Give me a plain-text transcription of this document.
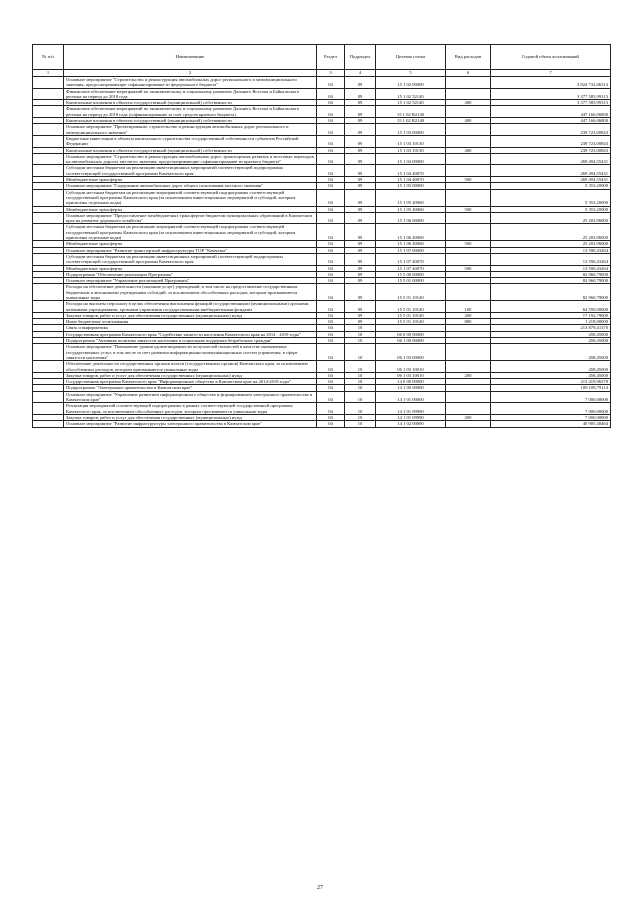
№ п/п	Наименование	Раздел	Подраздел	Целевая статья	Вид расходов	Годовой объем ассигнований
1	2	3	4	5	6	7
	Основное мероприятие "Строительство и реконструкция автомобильных дорог регионального и межмуниципального значения, предусматривающие софинансирование из федерального бюджета"	04	09	15 1 02 00000		3 824 732,06313
	Финансовое обеспечение мероприятий по экономическому и социальному развитию Дальнего Востока и Байкальского региона на период до 2018 года	04	09	15 1 02 52140		3 377 585,99313
	Капитальные вложения в объекты государственной (муниципальной) собственности	04	09	15 1 02 52140	400	3 377 585,99313
	Финансовое обеспечение мероприятий по экономическому и социальному развитию Дальнего Востока и Байкальского региона на период до 2018 года (софинансирование за счет средств краевого бюджета)	04	09	15 1 02 R2140		447 166,06800
	Капитальные вложения в объекты государственной (муниципальной) собственности	04	09	15 1 02 R2140	400	447 166,06800
	Основное мероприятие "Проектирование, строительство и реконструкция автомобильных дорог регионального и межмуниципального значения"	04	09	15 1 03 00000		239 723,00843
	Бюджетные инвестиции в объекты капитального строительства государственной собственности субъектов Российской Федерации	04	09	15 1 03 10130		239 723,00843
	Капитальные вложения в объекты государственной (муниципальной) собственности	04	09	15 1 03 10130	400	239 723,00843
	Основное мероприятие "Строительство и реконструкция автомобильных дорог, транспортных развязок и мостовых переходов на автомобильных дорогах местного значения, предусматривающие софинансирование из краевого бюджета"	04	09	15 1 04 00000		269 494,55431
	Субсидии местным бюджетам на реализацию инвестиционных мероприятий соответствующей подпрограммы соответствующей государственной программы Камчатского края	04	09	15 1 04 40070		269 494,55431
	Межбюджетные трансферты	04	09	15 1 04 40070	500	269 494,55431
	Основное мероприятие "Содержание автомобильных дорог общего пользования местного значения"	04	09	15 1 05 00000		5 353,20000
	Субсидии местным бюджетам на реализацию мероприятий соответствующей подпрограммы соответствующей государственной программы Камчатского края (за исключением инвестиционных мероприятий и субсидий, которым присвоены отдельные коды)	04	09	15 1 05 40060		5 353,20000
	Межбюджетные трансферты	04	09	15 1 05 40060	500	5 353,20000
	Основное мероприятие "Предоставление межбюджетных трансфертов бюджетам муниципальных образований в Камчатском крае на развитие дорожного хозяйства"	04	09	15 1 06 00000		25 203,96000
	Субсидии местным бюджетам на реализацию мероприятий соответствующей подпрограммы соответствующей государственной программы Камчатского края (за исключением инвестиционных мероприятий и субсидий, которым присвоены отдельные коды)	04	09	15 1 06 40060		25 203,96000
	Межбюджетные трансферты	04	09	15 1 06 40060	500	25 203,96000
	Основное мероприятие "Развитие транспортной инфраструктуры ТОР "Камчатка"	04	09	15 1 07 00000		13 590,43264
	Субсидии местным бюджетам на реализацию инвестиционных мероприятий соответствующей подпрограммы соответствующей государственной программы Камчатского края	04	09	15 1 07 40070		13 590,43264
	Межбюджетные трансферты	04	09	15 1 07 40070	500	13 590,43264
	Подпрограмма "Обеспечение реализации Программы"	04	09	15 5 00 00000		82 960,79000
	Основное мероприятие "Управление реализацией Программы"	04	09	15 5 01 00000		82 960,79000
	Расходы на обеспечение деятельности (оказание услуг) учреждений, в том числе на предоставление государственным бюджетным и автономным учреждениям субсидий, за исключением обособленных расходов, которым присваиваются уникальные коды	04	09	15 5 01 10140		82 960,79000
	Расходы на выплаты персоналу в целях обеспечения выполнения функций государственными (муниципальными) органами, казенными учреждениями, органами управления государственными внебюджетными фондами	04	09	15 5 01 10140	100	64 550,00000
	Закупка товаров, работ и услуг для обеспечения государственных (муниципальных) нужд	04	09	15 5 01 10140	200	17 192,79000
	Иные бюджетные ассигнования	04	09	15 5 01 10140	800	1 218,00000
	Связь и информатика	04	10			213 879,41370
	Государственная программа Камчатского края "Содействие занятости населения Камчатского края на 2014 - 2019 годы"	04	10	06 0 00 00000		458,45000
	Подпрограмма "Активная политика занятости населения и социальная поддержка безработных граждан"	04	10	06 1 00 00000		458,45000
	Основное мероприятие "Повышение уровня удовлетворенности получателей полностей в качестве оказываемых государственных услуг, в том числе за счет развития информационно-коммуникационных систем управления, в сфере занятости населения"	04	10	06 1 03 00000		458,45000
	Обеспечение деятельности государственных органов власти (государственных органов) Камчатского края, за исключением обособленных расходов, которым присваиваются уникальные коды	04	10	06 1 03 10010		458,45000
	Закупка товаров, работ и услуг для обеспечения государственных (муниципальных) нужд	04	10	06 1 03 10010	200	458,45000
	Государственная программа Камчатского края "Информационное общество в Камчатском крае на 2014-2018 годы"	04	10	14 0 00 00000		213 419,96370
	Подпрограмма "Электронное правительство в Камчатском крае"	04	10	14 1 00 00000		108 108,79114
	Основное мероприятие "Управление развитием информационного общества и формированием электронного правительства в Камчатском крае"	04	10	14 1 01 00000		7 000,00000
	Реализация мероприятий соответствующей подпрограммы в рамках соответствующей государственной программы Камчатского края, за исключением обособленных расходов, которым присваиваются уникальные коды	04	10	14 1 01 09990		7 000,00000
	Закупка товаров, работ и услуг для обеспечения государственных (муниципальных) нужд	04	10	14 1 01 09990	200	7 000,00000
	Основное мероприятие "Развитие инфраструктуры электронного правительства в Камчатском крае"	04	10	14 1 02 00000		40 905,40464
27
